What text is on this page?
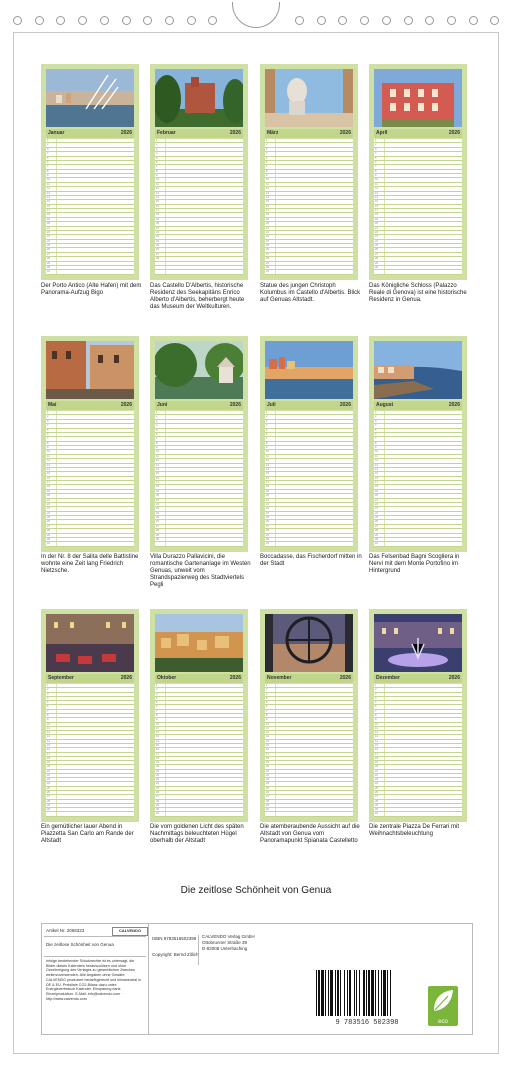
Januar	2026
1
2
3
4
5
6
7
8
9
10
11
12
13
14
15
16
17
18
19
20
21
22
23
24
25
26
27
28
29
30
31
Der Porto Antico (Alte Hafen) mit dem Panorama-Aufzug Bigo
Februar	2026
1
2
3
4
5
6
7
8
9
10
11
12
13
14
15
16
17
18
19
20
21
22
23
24
25
26
27
28
Das Castello D'Albertis, historische Residenz des Seekapitäns Enrico Alberto d'Albertis, beherbergt heute das Museum der Weltkulturen.
März	2026
1
2
3
4
5
6
7
8
9
10
11
12
13
14
15
16
17
18
19
20
21
22
23
24
25
26
27
28
29
30
31
Statue des jungen Christoph Kolumbus im Castello d'Albertis. Blick auf Genuas Altstadt.
April	2026
1
2
3
4
5
6
7
8
9
10
11
12
13
14
15
16
17
18
19
20
21
22
23
24
25
26
27
28
29
30
Das Königliche Schloss (Palazzo Reale di Genova) ist eine historische Residenz in Genua.
Mai	2026
1
2
3
4
5
6
7
8
9
10
11
12
13
14
15
16
17
18
19
20
21
22
23
24
25
26
27
28
29
30
31
In der Nr. 8 der Salita delle Battistine wohnte eine Zeit lang Friedrich Nietzsche.
Juni	2026
1
2
3
4
5
6
7
8
9
10
11
12
13
14
15
16
17
18
19
20
21
22
23
24
25
26
27
28
29
30
Villa Durazzo Pallavicini, die romantische Gartenanlage im Westen Genuas, unweit vom Strandspazierweg des Stadtviertels Pegli
Juli	2026
1
2
3
4
5
6
7
8
9
10
11
12
13
14
15
16
17
18
19
20
21
22
23
24
25
26
27
28
29
30
31
Boccadasse, das Fischerdorf mitten in der Stadt
August	2026
1
2
3
4
5
6
7
8
9
10
11
12
13
14
15
16
17
18
19
20
21
22
23
24
25
26
27
28
29
30
31
Das Felsenbad Bagni Scogliera in Nervi mit dem Monte Portofino im Hintergrund
September	2026
1
2
3
4
5
6
7
8
9
10
11
12
13
14
15
16
17
18
19
20
21
22
23
24
25
26
27
28
29
30
Ein gemütlicher lauer Abend in Piazzetta San Carlo am Rande der Altstadt
Oktober	2026
1
2
3
4
5
6
7
8
9
10
11
12
13
14
15
16
17
18
19
20
21
22
23
24
25
26
27
28
29
30
31
Die vom goldenen Licht des späten Nachmittags beleuchteten Hügel oberhalb der Altstadt
November	2026
1
2
3
4
5
6
7
8
9
10
11
12
13
14
15
16
17
18
19
20
21
22
23
24
25
26
27
28
29
30
Die atemberaubende Aussicht auf die Altstadt von Genua vom Panoramapunkt Spianata Castelletto
Dezember	2026
1
2
3
4
5
6
7
8
9
10
11
12
13
14
15
16
17
18
19
20
21
22
23
24
25
26
27
28
29
30
31
Die zentrale Piazza De Ferrari mit Weihnachtsbeleuchtung
Die zeitlose Schönheit von Genua
Artikel Nr. 2068323	CALVENDO
Die zeitlose Schönheit von Genua
Infolge bestehender Schutzrechte ist es untersagt, die Bilder dieses Kalenders herauszulösen und ohne Genehmigung des Verlages zu gewerblichen Zwecken weiterzuverwenden. Alle Angaben ohne Gewähr. CALVENDO produziert bedarfsgerecht und klimaneutral in DE & EU. Preisliste CO2-Bilanz dazu unter: Energieverbrauch Kalender, Einsparung dank Einzelproduktion. E-Mail: info@calvendo.com · http://www.calvendo.com
ISBN 9783516502398
Copyright: Bernd Zillich
CALVENDO Verlag GmbH
Ottobrunner Straße 39
D-82008 Unterhaching
9 783516 502398	eco
